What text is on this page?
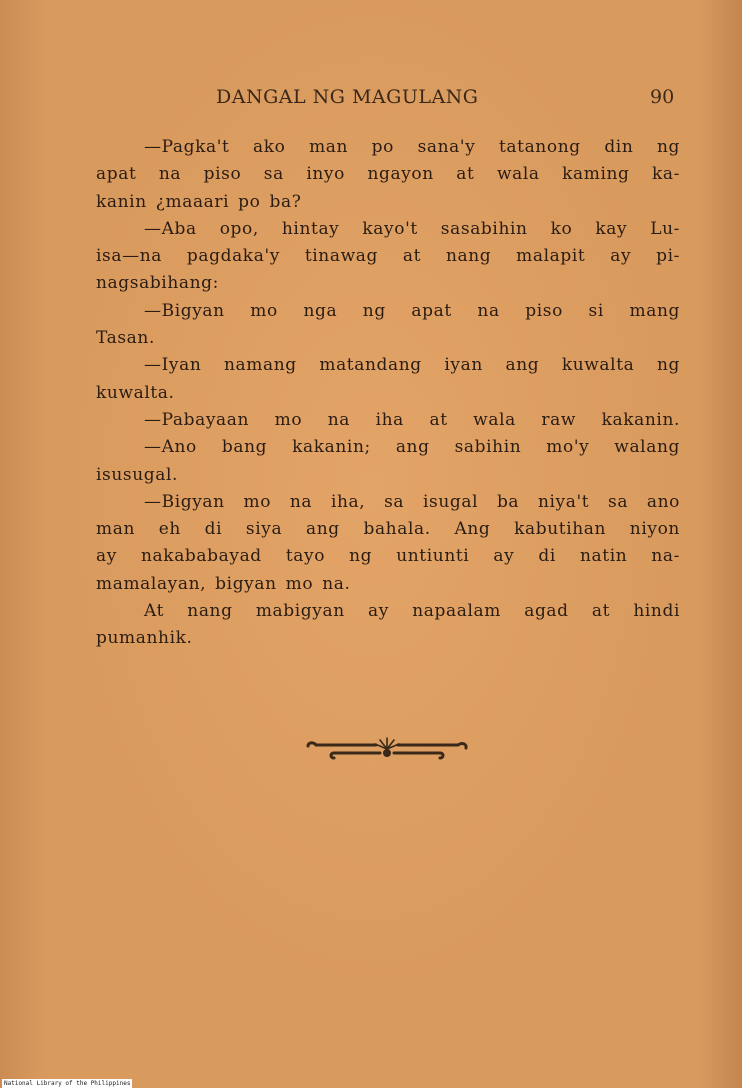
DANGAL NG MAGULANG	90
—Pagka't ako man po sana'y tatanong din ng
apat na piso sa inyo ngayon at wala kaming ka-
kanin ¿maaari po ba?
—Aba opo, hintay kayo't sasabihin ko kay Lu-
isa—na pagdaka'y tinawag at nang malapit ay pi-
nagsabihang:
—Bigyan mo nga ng apat na piso si mang
Tasan.
—Iyan namang matandang iyan ang kuwalta ng
kuwalta.
—Pabayaan mo na iha at wala raw kakanin.
—Ano bang kakanin; ang sabihin mo'y walang
isusugal.
—Bigyan mo na iha, sa isugal ba niya't sa ano
man eh di siya ang bahala. Ang kabutihan niyon
ay nakababayad tayo ng untiunti ay di natin na-
mamalayan, bigyan mo na.
At nang mabigyan ay napaalam agad at hindi
pumanhik.
National Library of the Philippines
